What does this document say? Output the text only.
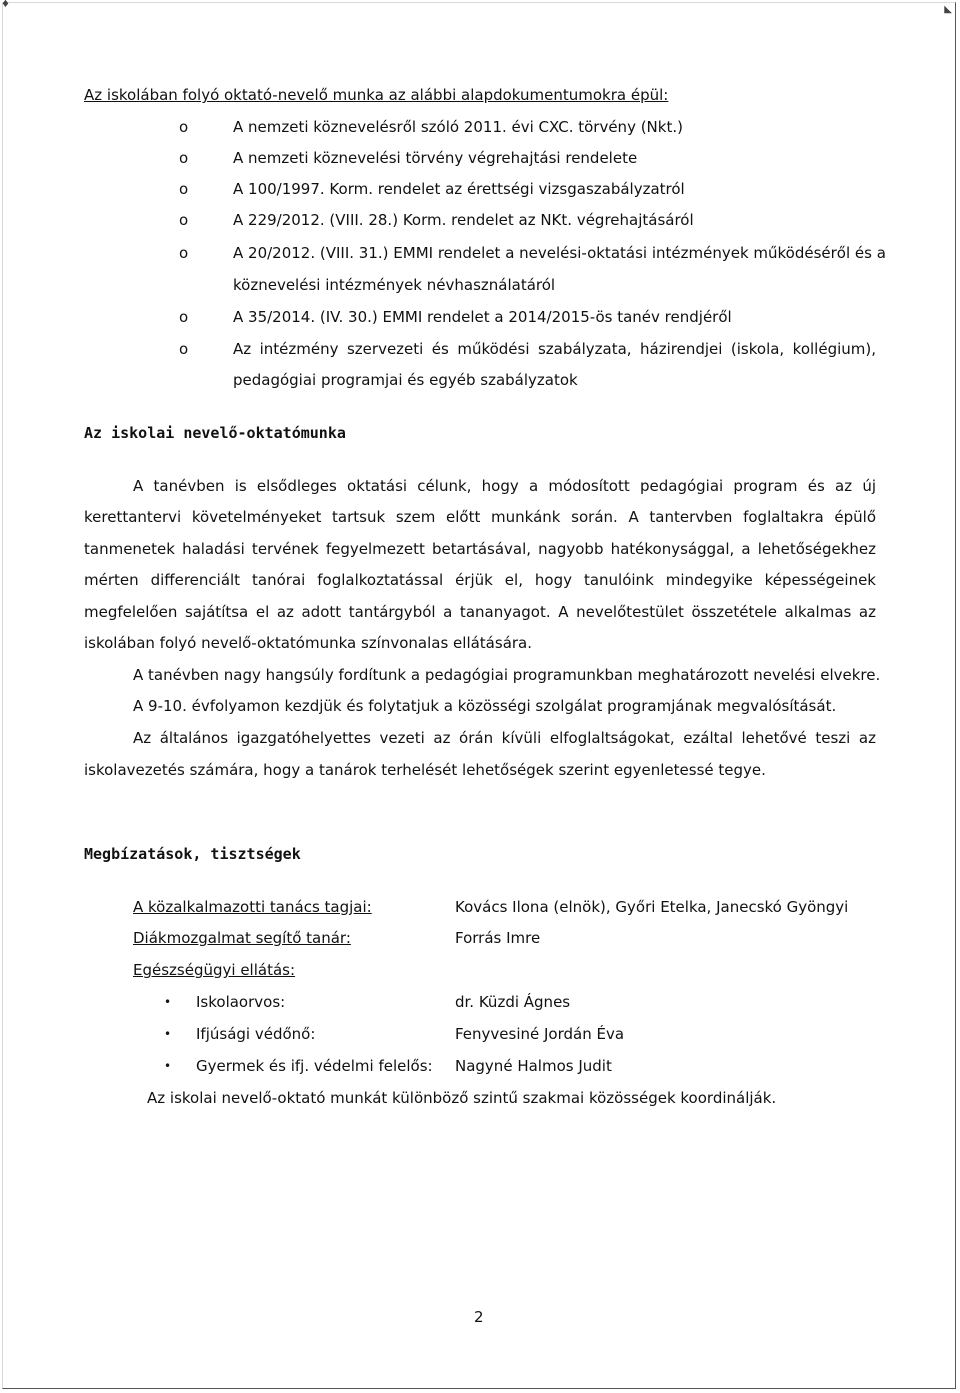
♦	◣
Az iskolában folyó oktató-nevelő munka az alábbi alapdokumentumokra épül:
o	A nemzeti köznevelésről szóló 2011. évi CXC. törvény (Nkt.)
o	A nemzeti köznevelési törvény végrehajtási rendelete
o	A 100/1997. Korm. rendelet az érettségi vizsgaszabályzatról
o	A 229/2012. (VIII. 28.) Korm. rendelet az NKt. végrehajtásáról
o	A 20/2012. (VIII. 31.) EMMI rendelet a nevelési-oktatási intézmények működéséről és a
köznevelési intézmények névhasználatáról
o	A 35/2014. (IV. 30.) EMMI rendelet a 2014/2015-ös tanév rendjéről
o	Az intézmény szervezeti és működési szabályzata, házirendjei (iskola, kollégium),
pedagógiai programjai és egyéb szabályzatok
Az iskolai nevelő-oktatómunka
A tanévben is elsődleges oktatási célunk, hogy a módosított pedagógiai program és az új
kerettantervi követelményeket tartsuk szem előtt munkánk során. A tantervben foglaltakra épülő
tanmenetek haladási tervének fegyelmezett betartásával, nagyobb hatékonysággal, a lehetőségekhez
mérten differenciált tanórai foglalkoztatással érjük el, hogy tanulóink mindegyike képességeinek
megfelelően sajátítsa el az adott tantárgyból a tananyagot. A nevelőtestület összetétele alkalmas az
iskolában folyó nevelő-oktatómunka színvonalas ellátására.
A tanévben nagy hangsúly fordítunk a pedagógiai programunkban meghatározott nevelési elvekre.
A 9-10. évfolyamon kezdjük és folytatjuk a közösségi szolgálat programjának megvalósítását.
Az általános igazgatóhelyettes vezeti az órán kívüli elfoglaltságokat, ezáltal lehetővé teszi az
iskolavezetés számára, hogy a tanárok terhelését lehetőségek szerint egyenletessé tegye.
Megbízatások, tisztségek
A közalkalmazotti tanács tagjai:	Kovács Ilona (elnök), Győri Etelka, Janecskó Gyöngyi
Diákmozgalmat segítő tanár:	Forrás Imre
Egészségügyi ellátás:
• Iskolaorvos:	dr. Küzdi Ágnes
• Ifjúsági védőnő:	Fenyvesiné Jordán Éva
• Gyermek és ifj. védelmi felelős: Nagyné Halmos Judit
Az iskolai nevelő-oktató munkát különböző szintű szakmai közösségek koordinálják.
2
